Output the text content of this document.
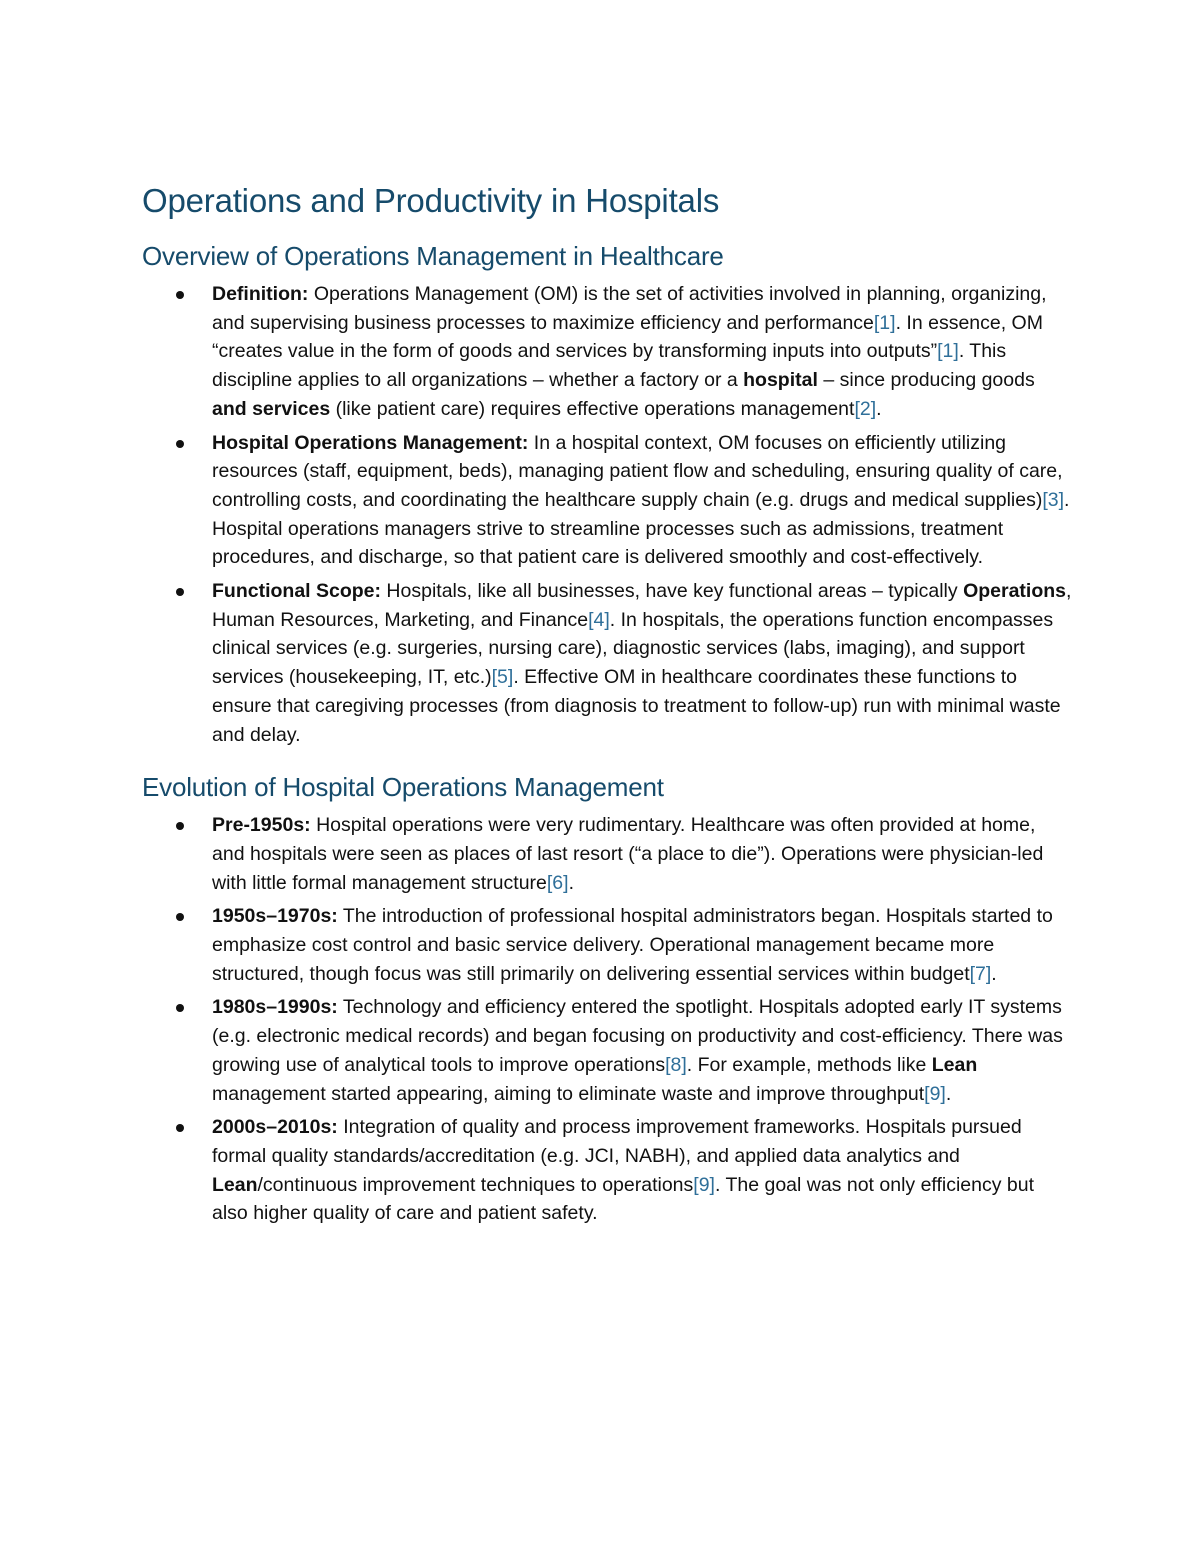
Operations and Productivity in Hospitals
Overview of Operations Management in Healthcare
Definition: Operations Management (OM) is the set of activities involved in planning, organizing, and supervising business processes to maximize efficiency and performance[1]. In essence, OM “creates value in the form of goods and services by transforming inputs into outputs”[1]. This discipline applies to all organizations – whether a factory or a hospital – since producing goods and services (like patient care) requires effective operations management[2].
Hospital Operations Management: In a hospital context, OM focuses on efficiently utilizing resources (staff, equipment, beds), managing patient flow and scheduling, ensuring quality of care, controlling costs, and coordinating the healthcare supply chain (e.g. drugs and medical supplies)[3]. Hospital operations managers strive to streamline processes such as admissions, treatment procedures, and discharge, so that patient care is delivered smoothly and cost-effectively.
Functional Scope: Hospitals, like all businesses, have key functional areas – typically Operations, Human Resources, Marketing, and Finance[4]. In hospitals, the operations function encompasses clinical services (e.g. surgeries, nursing care), diagnostic services (labs, imaging), and support services (housekeeping, IT, etc.)[5]. Effective OM in healthcare coordinates these functions to ensure that caregiving processes (from diagnosis to treatment to follow-up) run with minimal waste and delay.
Evolution of Hospital Operations Management
Pre-1950s: Hospital operations were very rudimentary. Healthcare was often provided at home, and hospitals were seen as places of last resort (“a place to die”). Operations were physician-led with little formal management structure[6].
1950s–1970s: The introduction of professional hospital administrators began. Hospitals started to emphasize cost control and basic service delivery. Operational management became more structured, though focus was still primarily on delivering essential services within budget[7].
1980s–1990s: Technology and efficiency entered the spotlight. Hospitals adopted early IT systems (e.g. electronic medical records) and began focusing on productivity and cost-efficiency. There was growing use of analytical tools to improve operations[8]. For example, methods like Lean management started appearing, aiming to eliminate waste and improve throughput[9].
2000s–2010s: Integration of quality and process improvement frameworks. Hospitals pursued formal quality standards/accreditation (e.g. JCI, NABH), and applied data analytics and Lean/continuous improvement techniques to operations[9]. The goal was not only efficiency but also higher quality of care and patient safety.
